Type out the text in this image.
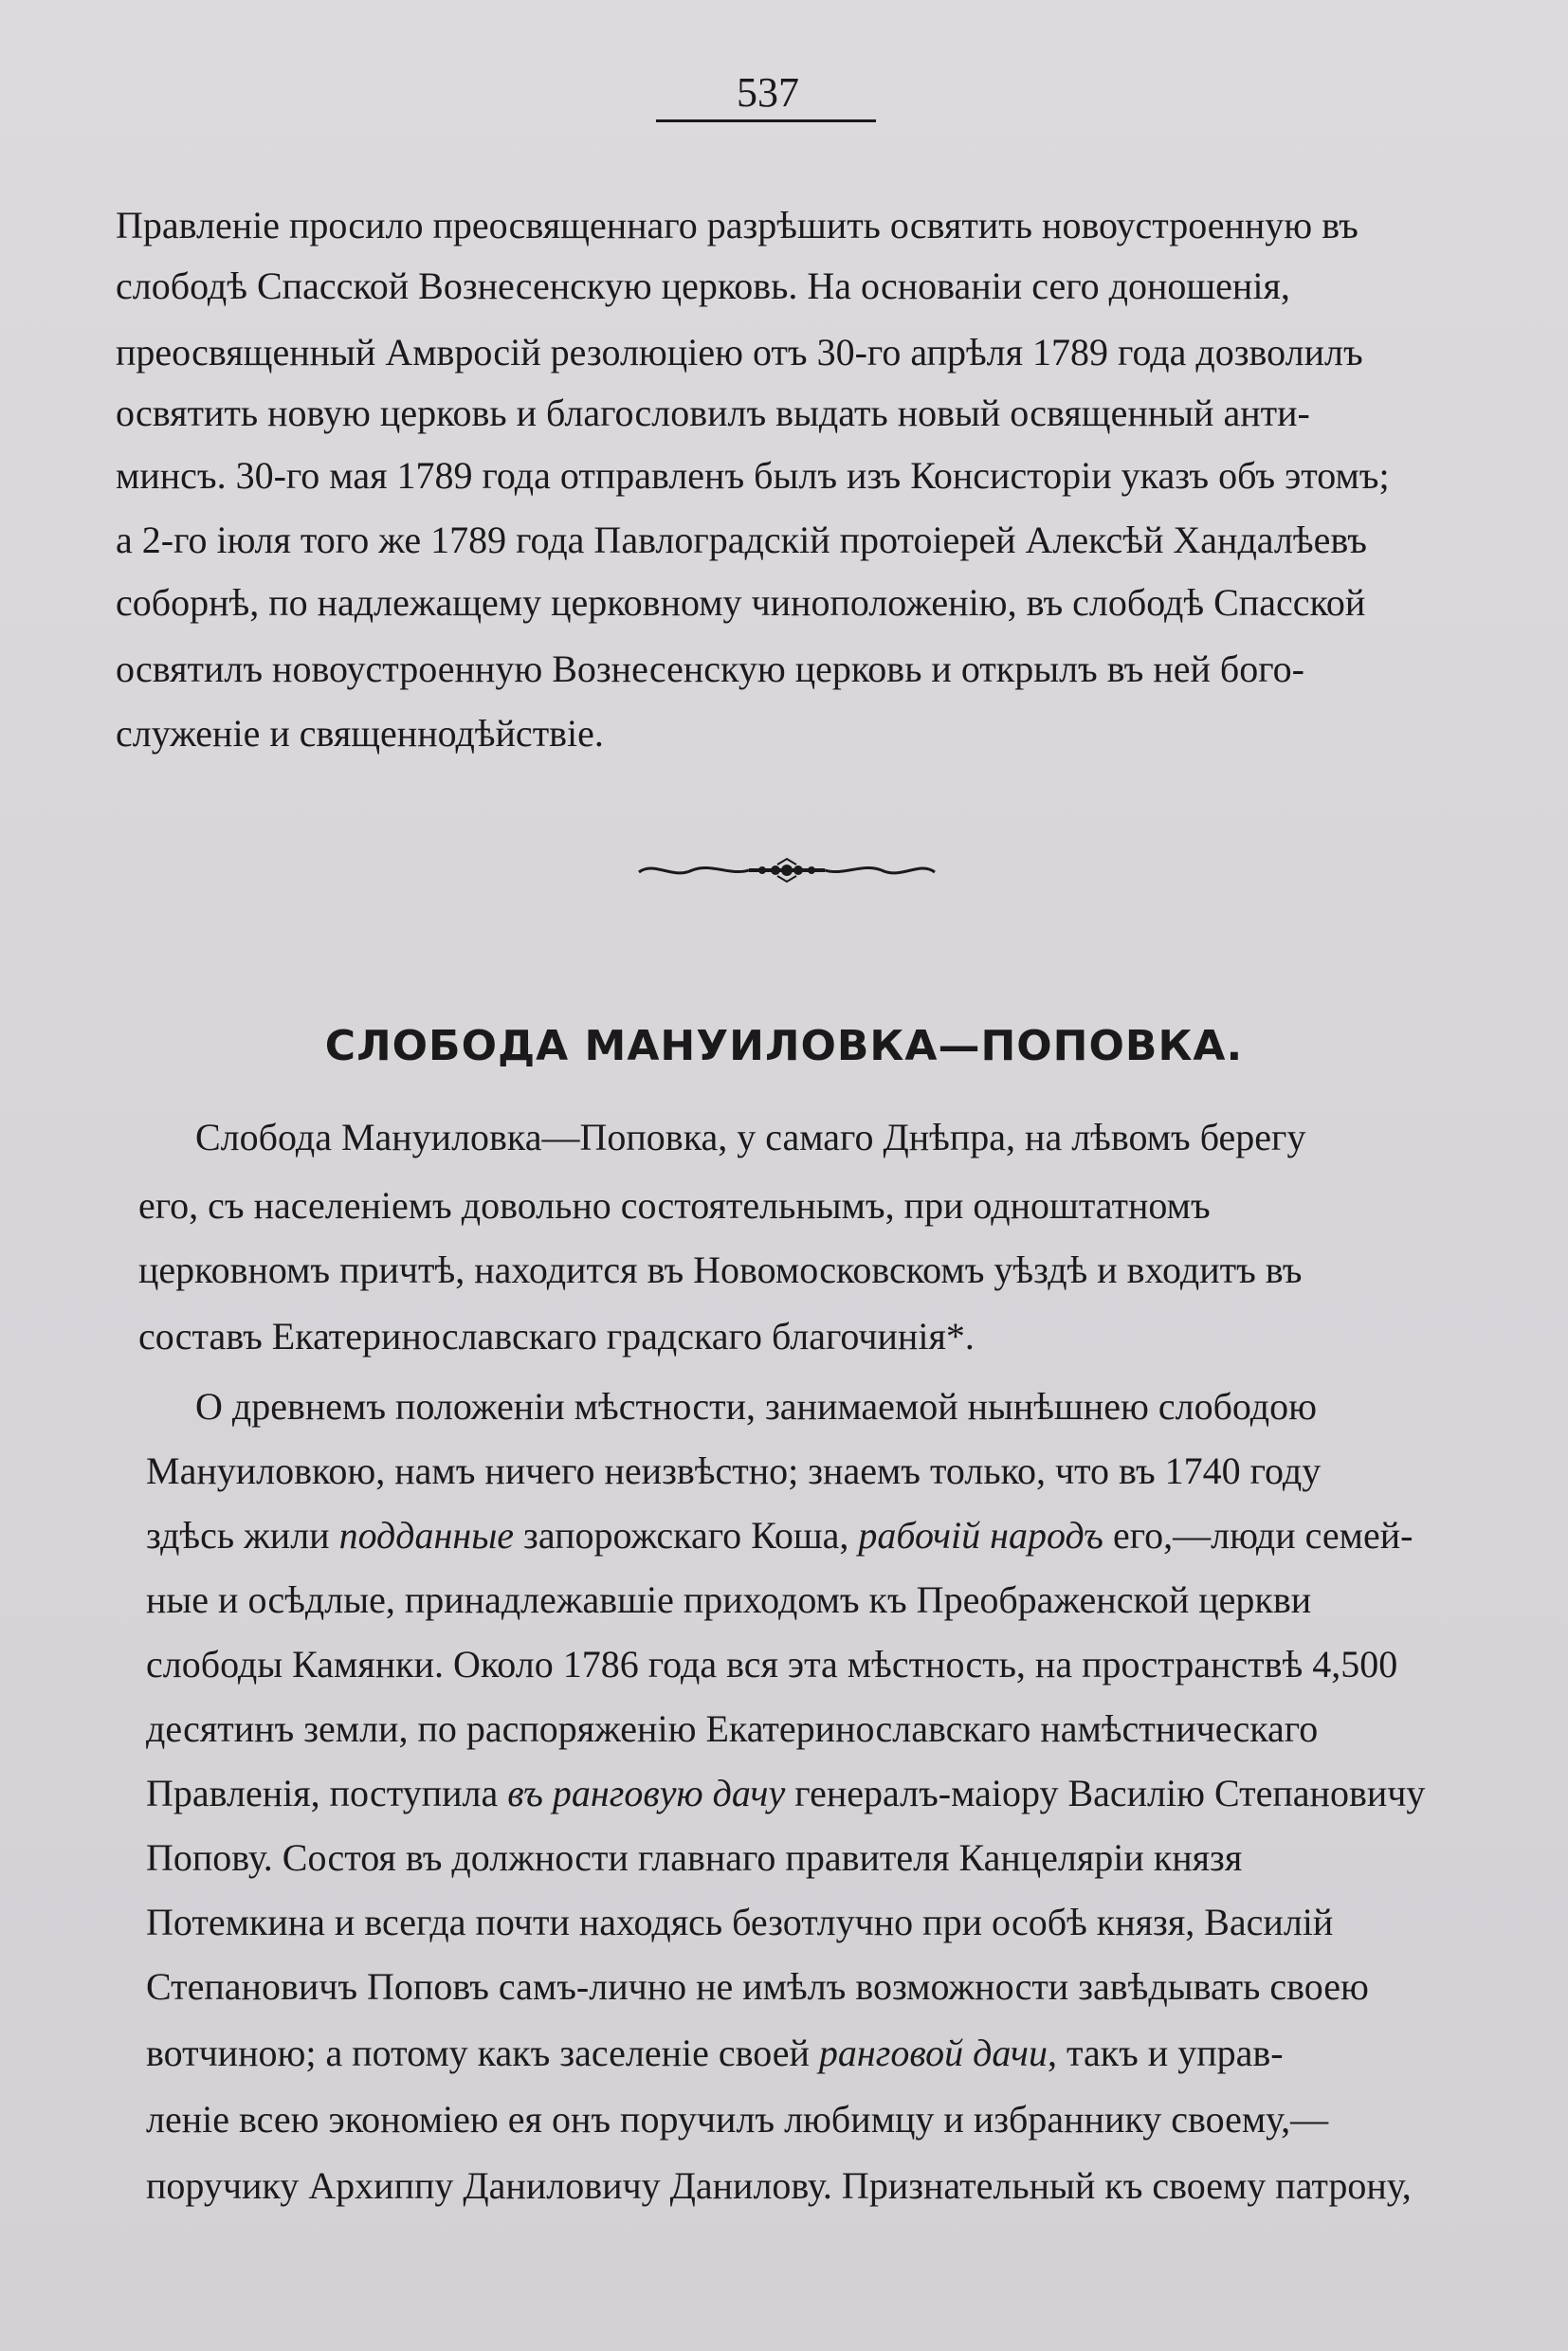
537
Правленіе просило преосвященнаго разрѣшить освятить новоустроенную въ
слободѣ Спасской Вознесенскую церковь. На основаніи сего доношенія,
преосвященный Амвросій резолюціею отъ 30-го апрѣля 1789 года дозволилъ
освятить новую церковь и благословилъ выдать новый освященный анти-
минсъ. 30-го мая 1789 года отправленъ былъ изъ Консисторіи указъ объ этомъ;
а 2-го іюля того же 1789 года Павлоградскій протоіерей Алексѣй Хандалѣевъ
соборнѣ, по надлежащему церковному чиноположенію, въ слободѣ Спасской
освятилъ новоустроенную Вознесенскую церковь и открылъ въ ней бого-
служеніе и священнодѣйствіе.
СЛОБОДА МАНУИЛОВКА—ПОПОВКА.
Слобода Мануиловка—Поповка, у самаго Днѣпра, на лѣвомъ берегу
его, съ населеніемъ довольно состоятельнымъ, при одноштатномъ
церковномъ причтѣ, находится въ Новомосковскомъ уѣздѣ и входитъ въ
составъ Екатеринославскаго градскаго благочинія*.
О древнемъ положеніи мѣстности, занимаемой нынѣшнею слободою
Мануиловкою, намъ ничего неизвѣстно; знаемъ только, что въ 1740 году
здѣсь жили подданные запорожскаго Коша, рабочій народъ его,—люди семей-
ные и осѣдлые, принадлежавшіе приходомъ къ Преображенской церкви
слободы Камянки. Около 1786 года вся эта мѣстность, на пространствѣ 4,500
десятинъ земли, по распоряженію Екатеринославскаго намѣстническаго
Правленія, поступила въ ранговую дачу генералъ-маіору Василію Степановичу
Попову. Состоя въ должности главнаго правителя Канцеляріи князя
Потемкина и всегда почти находясь безотлучно при особѣ князя, Василій
Степановичъ Поповъ самъ-лично не имѣлъ возможности завѣдывать своею
вотчиною; а потому какъ заселеніе своей ранговой дачи, такъ и управ-
леніе всею экономіею ея онъ поручилъ любимцу и избраннику своему,—
поручику Архиппу Даниловичу Данилову. Признательный къ своему патрону,
